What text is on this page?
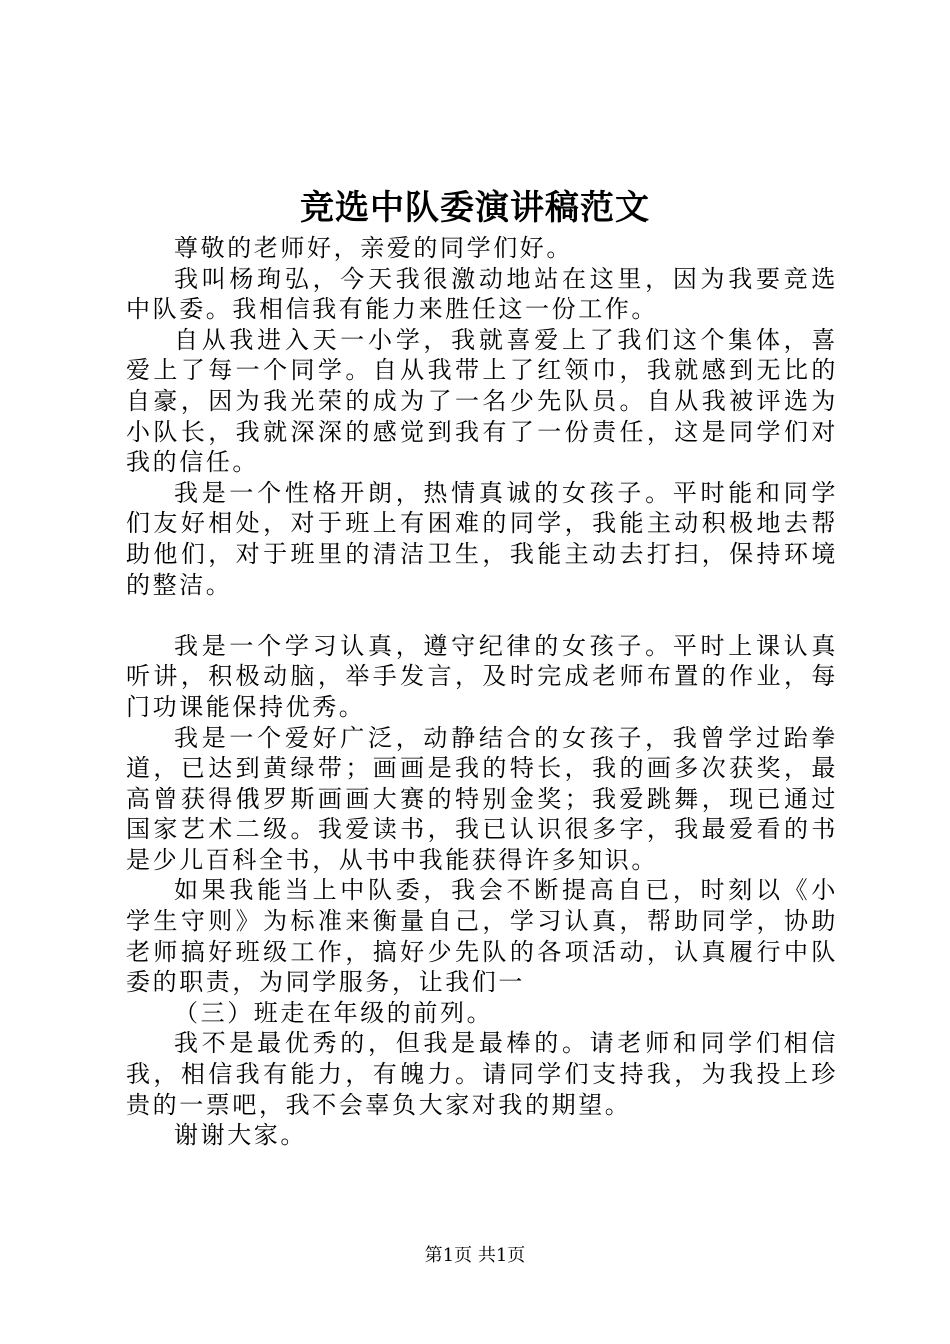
竞选中队委演讲稿范文

尊敬的老师好，亲爱的同学们好。

我叫杨珣弘，今天我很激动地站在这里，因为我要竞选中队委。我相信我有能力来胜任这一份工作。

自从我进入天一小学，我就喜爱上了我们这个集体，喜爱上了每一个同学。自从我带上了红领巾，我就感到无比的自豪，因为我光荣的成为了一名少先队员。自从我被评选为小队长，我就深深的感觉到我有了一份责任，这是同学们对我的信任。

我是一个性格开朗，热情真诚的女孩子。平时能和同学们友好相处，对于班上有困难的同学，我能主动积极地去帮助他们，对于班里的清洁卫生，我能主动去打扫，保持环境的整洁。

我是一个学习认真，遵守纪律的女孩子。平时上课认真听讲，积极动脑，举手发言，及时完成老师布置的作业，每门功课能保持优秀。

我是一个爱好广泛，动静结合的女孩子，我曾学过跆拳道，已达到黄绿带；画画是我的特长，我的画多次获奖，最高曾获得俄罗斯画画大赛的特别金奖；我爱跳舞，现已通过国家艺术二级。我爱读书，我已认识很多字，我最爱看的书是少儿百科全书，从书中我能获得许多知识。

如果我能当上中队委，我会不断提高自已，时刻以《小学生守则》为标准来衡量自己，学习认真，帮助同学，协助老师搞好班级工作，搞好少先队的各项活动，认真履行中队委的职责，为同学服务，让我们一

（三）班走在年级的前列。

我不是最优秀的，但我是最棒的。请老师和同学们相信我，相信我有能力，有魄力。请同学们支持我，为我投上珍贵的一票吧，我不会辜负大家对我的期望。

谢谢大家。

第1页 共1页
